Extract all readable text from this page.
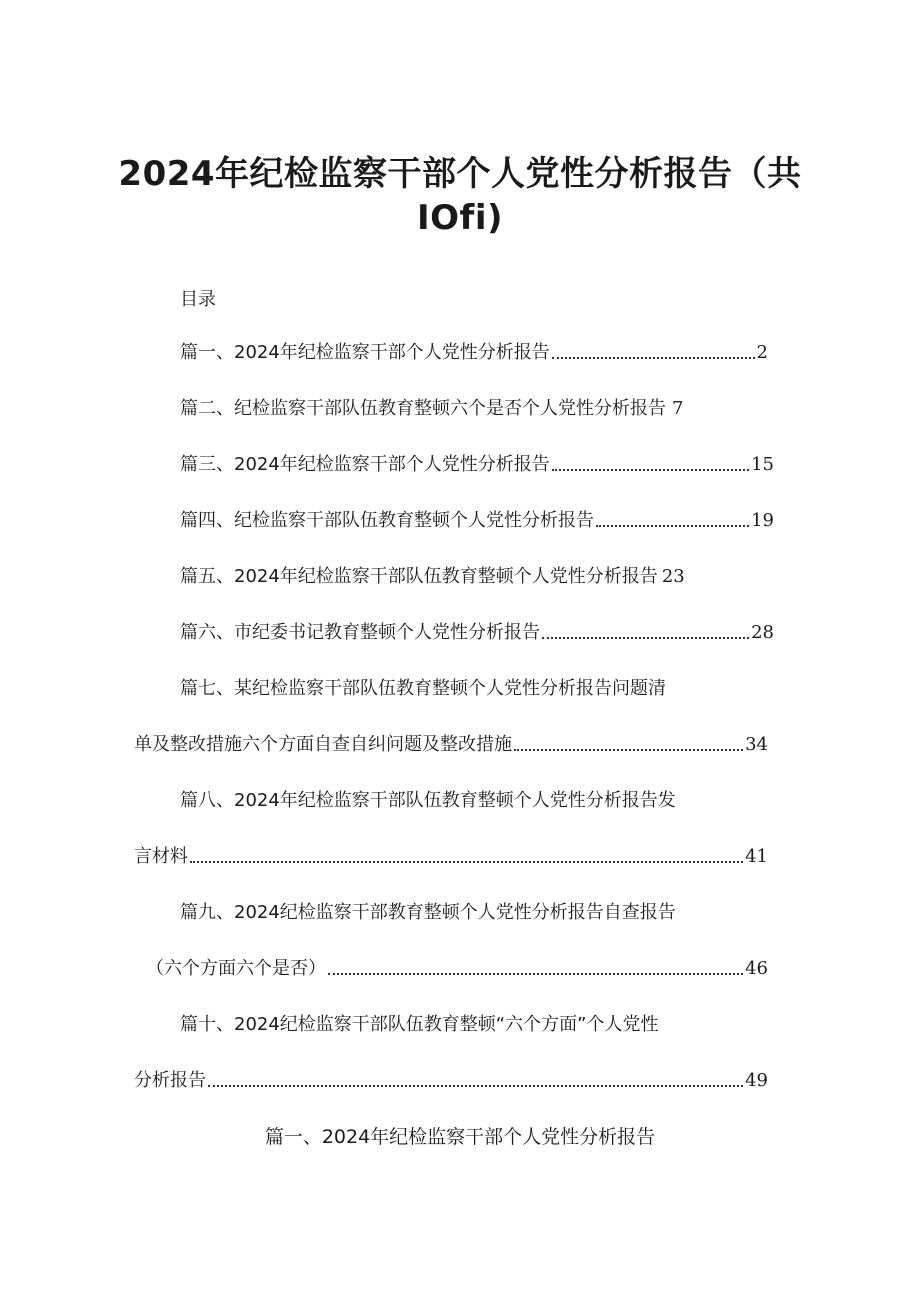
2024年纪检监察干部个人党性分析报告（共
IOfi)
目录
篇一、2024年纪检监察干部个人党性分析报告	2
篇二、纪检监察干部队伍教育整顿六个是否个人党性分析报告 7
篇三、2024年纪检监察干部个人党性分析报告	15
篇四、纪检监察干部队伍教育整顿个人党性分析报告	19
篇五、2024年纪检监察干部队伍教育整顿个人党性分析报告 23
篇六、市纪委书记教育整顿个人党性分析报告	28
篇七、某纪检监察干部队伍教育整顿个人党性分析报告问题清
单及整改措施六个方面自查自纠问题及整改措施	34
篇八、2024年纪检监察干部队伍教育整顿个人党性分析报告发
言材料	41
篇九、2024纪检监察干部教育整顿个人党性分析报告自查报告
（六个方面六个是否）	46
篇十、2024纪检监察干部队伍教育整顿“六个方面”个人党性
分析报告	49
篇一、2024年纪检监察干部个人党性分析报告
